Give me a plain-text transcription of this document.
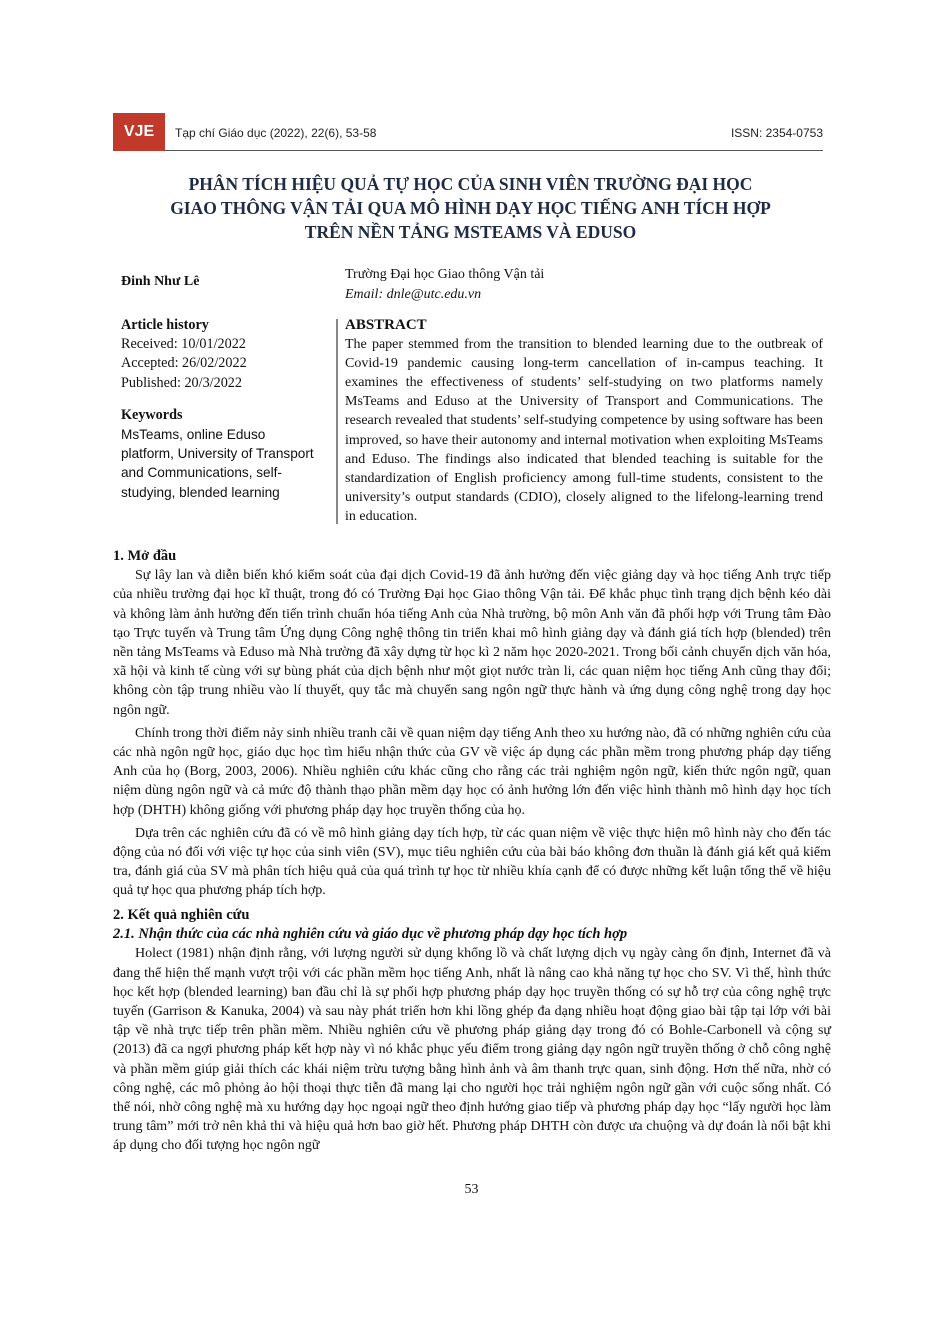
VJE	Tạp chí Giáo dục (2022), 22(6), 53-58	ISSN: 2354-0753
PHÂN TÍCH HIỆU QUẢ TỰ HỌC CỦA SINH VIÊN TRƯỜNG ĐẠI HỌC
GIAO THÔNG VẬN TẢI QUA MÔ HÌNH DẠY HỌC TIẾNG ANH TÍCH HỢP
TRÊN NỀN TẢNG MSTEAMS VÀ EDUSO
Đinh Như Lê	Trường Đại học Giao thông Vận tải
Email: dnle@utc.edu.vn
Article history
Received: 10/01/2022
Accepted: 26/02/2022
Published: 20/3/2022
Keywords
MsTeams, online Eduso platform, University of Transport and Communications, self-studying, blended learning
ABSTRACT
The paper stemmed from the transition to blended learning due to the outbreak of Covid-19 pandemic causing long-term cancellation of in-campus teaching. It examines the effectiveness of students’ self-studying on two platforms namely MsTeams and Eduso at the University of Transport and Communications. The research revealed that students’ self-studying competence by using software has been improved, so have their autonomy and internal motivation when exploiting MsTeams and Eduso. The findings also indicated that blended teaching is suitable for the standardization of English proficiency among full-time students, consistent to the university’s output standards (CDIO), closely aligned to the lifelong-learning trend in education.
1. Mở đầu

Sự lây lan và diễn biến khó kiểm soát của đại dịch Covid-19 đã ảnh hưởng đến việc giảng dạy và học tiếng Anh trực tiếp của nhiều trường đại học kĩ thuật, trong đó có Trường Đại học Giao thông Vận tải. Để khắc phục tình trạng dịch bệnh kéo dài và không làm ảnh hưởng đến tiến trình chuẩn hóa tiếng Anh của Nhà trường, bộ môn Anh văn đã phối hợp với Trung tâm Đào tạo Trực tuyến và Trung tâm Ứng dụng Công nghệ thông tin triển khai mô hình giảng dạy và đánh giá tích hợp (blended) trên nền tảng MsTeams và Eduso mà Nhà trường đã xây dựng từ học kì 2 năm học 2020-2021. Trong bối cảnh chuyển dịch văn hóa, xã hội và kinh tế cùng với sự bùng phát của dịch bệnh như một giọt nước tràn li, các quan niệm học tiếng Anh cũng thay đổi; không còn tập trung nhiều vào lí thuyết, quy tắc mà chuyển sang ngôn ngữ thực hành và ứng dụng công nghệ trong dạy học ngôn ngữ.

Chính trong thời điểm nảy sinh nhiều tranh cãi về quan niệm dạy tiếng Anh theo xu hướng nào, đã có những nghiên cứu của các nhà ngôn ngữ học, giáo dục học tìm hiểu nhận thức của GV về việc áp dụng các phần mềm trong phương pháp dạy tiếng Anh của họ (Borg, 2003, 2006). Nhiều nghiên cứu khác cũng cho rằng các trải nghiệm ngôn ngữ, kiến thức ngôn ngữ, quan niệm dùng ngôn ngữ và cả mức độ thành thạo phần mềm dạy học có ảnh hưởng lớn đến việc hình thành mô hình dạy học tích hợp (DHTH) không giống với phương pháp dạy học truyền thống của họ.

Dựa trên các nghiên cứu đã có về mô hình giảng dạy tích hợp, từ các quan niệm về việc thực hiện mô hình này cho đến tác động của nó đối với việc tự học của sinh viên (SV), mục tiêu nghiên cứu của bài báo không đơn thuần là đánh giá kết quả kiểm tra, đánh giá của SV mà phân tích hiệu quả của quá trình tự học từ nhiều khía cạnh để có được những kết luận tổng thể về hiệu quả tự học qua phương pháp tích hợp.

2. Kết quả nghiên cứu
2.1. Nhận thức của các nhà nghiên cứu và giáo dục về phương pháp dạy học tích hợp

Holect (1981) nhận định rằng, với lượng người sử dụng khổng lồ và chất lượng dịch vụ ngày càng ổn định, Internet đã và đang thể hiện thế mạnh vượt trội với các phần mềm học tiếng Anh, nhất là nâng cao khả năng tự học cho SV. Vì thế, hình thức học kết hợp (blended learning) ban đầu chỉ là sự phối hợp phương pháp dạy học truyền thống có sự hỗ trợ của công nghệ trực tuyến (Garrison & Kanuka, 2004) và sau này phát triển hơn khi lồng ghép đa dạng nhiều hoạt động giao bài tập tại lớp với bài tập về nhà trực tiếp trên phần mềm. Nhiều nghiên cứu về phương pháp giảng dạy trong đó có Bohle-Carbonell và cộng sự (2013) đã ca ngợi phương pháp kết hợp này vì nó khắc phục yếu điểm trong giảng dạy ngôn ngữ truyền thống ở chỗ công nghệ và phần mềm giúp giải thích các khái niệm trừu tượng bằng hình ảnh và âm thanh trực quan, sinh động. Hơn thế nữa, nhờ có công nghệ, các mô phỏng ảo hội thoại thực tiễn đã mang lại cho người học trải nghiệm ngôn ngữ gần với cuộc sống nhất. Có thể nói, nhờ công nghệ mà xu hướng dạy học ngoại ngữ theo định hướng giao tiếp và phương pháp dạy học “lấy người học làm trung tâm” mới trở nên khả thi và hiệu quả hơn bao giờ hết. Phương pháp DHTH còn được ưa chuộng và dự đoán là nổi bật khi áp dụng cho đối tượng học ngôn ngữ

53
